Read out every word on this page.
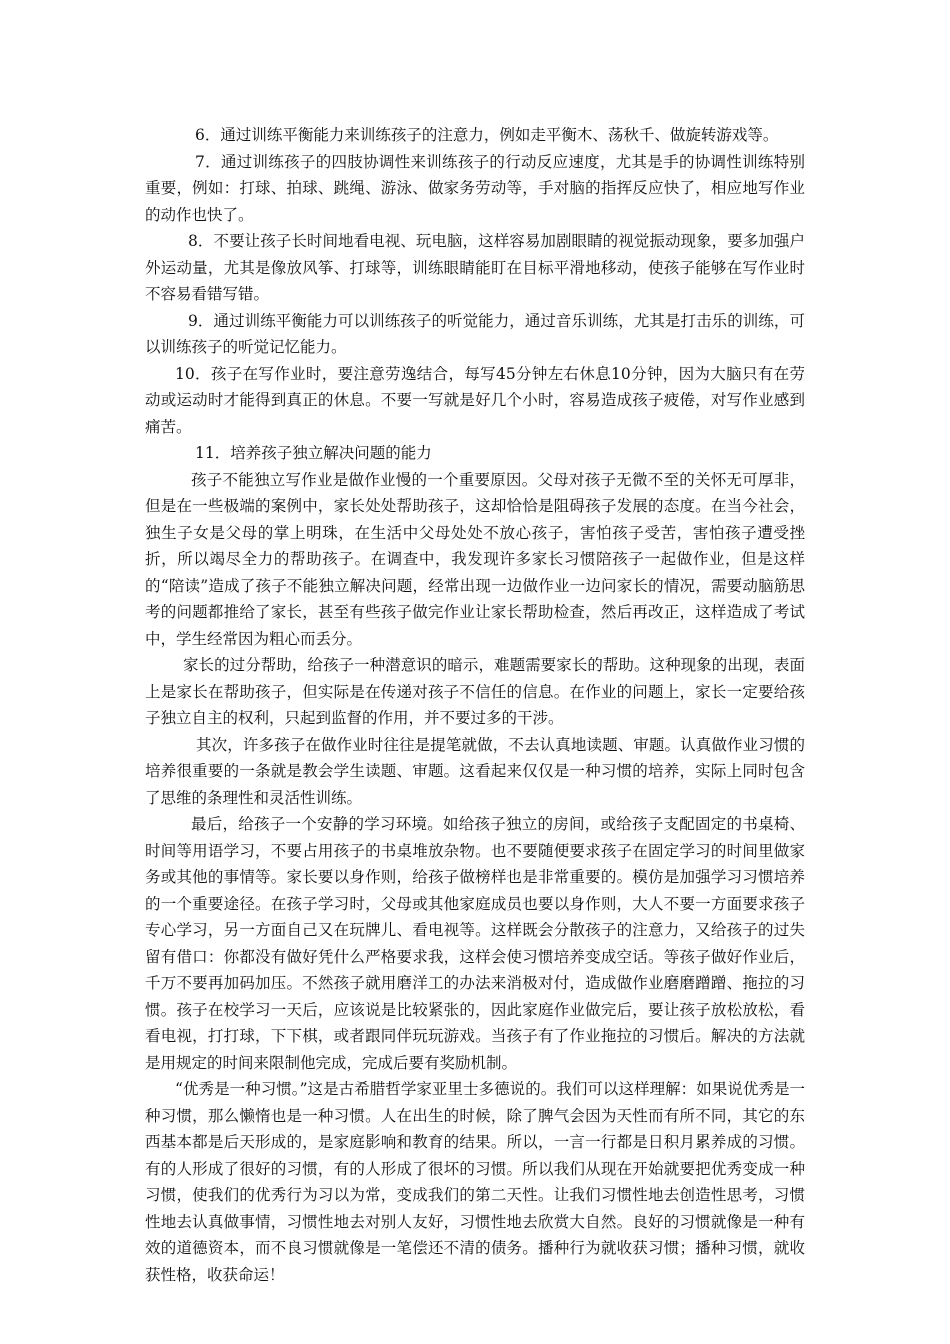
6．通过训练平衡能力来训练孩子的注意力，例如走平衡木、荡秋千、做旋转游戏等。

7．通过训练孩子的四肢协调性来训练孩子的行动反应速度，尤其是手的协调性训练特别重要，例如：打球、拍球、跳绳、游泳、做家务劳动等，手对脑的指挥反应快了，相应地写作业的动作也快了。

8．不要让孩子长时间地看电视、玩电脑，这样容易加剧眼睛的视觉振动现象，要多加强户外运动量，尤其是像放风筝、打球等，训练眼睛能盯在目标平滑地移动，使孩子能够在写作业时不容易看错写错。

9．通过训练平衡能力可以训练孩子的听觉能力，通过音乐训练，尤其是打击乐的训练，可以训练孩子的听觉记忆能力。

10．孩子在写作业时，要注意劳逸结合，每写45分钟左右休息10分钟，因为大脑只有在劳动或运动时才能得到真正的休息。不要一写就是好几个小时，容易造成孩子疲倦，对写作业感到痛苦。

11．培养孩子独立解决问题的能力

孩子不能独立写作业是做作业慢的一个重要原因。父母对孩子无微不至的关怀无可厚非，但是在一些极端的案例中，家长处处帮助孩子，这却恰恰是阻碍孩子发展的态度。在当今社会，独生子女是父母的掌上明珠，在生活中父母处处不放心孩子，害怕孩子受苦，害怕孩子遭受挫折，所以竭尽全力的帮助孩子。在调查中，我发现许多家长习惯陪孩子一起做作业，但是这样的“陪读”造成了孩子不能独立解决问题，经常出现一边做作业一边问家长的情况，需要动脑筋思考的问题都推给了家长，甚至有些孩子做完作业让家长帮助检查，然后再改正，这样造成了考试中，学生经常因为粗心而丢分。

家长的过分帮助，给孩子一种潜意识的暗示，难题需要家长的帮助。这种现象的出现，表面上是家长在帮助孩子，但实际是在传递对孩子不信任的信息。在作业的问题上，家长一定要给孩子独立自主的权利，只起到监督的作用，并不要过多的干涉。

其次，许多孩子在做作业时往往是提笔就做，不去认真地读题、审题。认真做作业习惯的培养很重要的一条就是教会学生读题、审题。这看起来仅仅是一种习惯的培养，实际上同时包含了思维的条理性和灵活性训练。

最后，给孩子一个安静的学习环境。如给孩子独立的房间，或给孩子支配固定的书桌椅、时间等用语学习，不要占用孩子的书桌堆放杂物。也不要随便要求孩子在固定学习的时间里做家务或其他的事情等。家长要以身作则，给孩子做榜样也是非常重要的。模仿是加强学习习惯培养的一个重要途径。在孩子学习时，父母或其他家庭成员也要以身作则，大人不要一方面要求孩子专心学习，另一方面自己又在玩牌儿、看电视等。这样既会分散孩子的注意力，又给孩子的过失留有借口：你都没有做好凭什么严格要求我，这样会使习惯培养变成空话。等孩子做好作业后，千万不要再加码加压。不然孩子就用磨洋工的办法来消极对付，造成做作业磨磨蹭蹭、拖拉的习惯。孩子在校学习一天后，应该说是比较紧张的，因此家庭作业做完后，要让孩子放松放松，看看电视，打打球，下下棋，或者跟同伴玩玩游戏。当孩子有了作业拖拉的习惯后。解决的方法就是用规定的时间来限制他完成，完成后要有奖励机制。

“优秀是一种习惯。”这是古希腊哲学家亚里士多德说的。我们可以这样理解：如果说优秀是一种习惯，那么懒惰也是一种习惯。人在出生的时候，除了脾气会因为天性而有所不同，其它的东西基本都是后天形成的，是家庭影响和教育的结果。所以，一言一行都是日积月累养成的习惯。有的人形成了很好的习惯，有的人形成了很坏的习惯。所以我们从现在开始就要把优秀变成一种习惯，使我们的优秀行为习以为常，变成我们的第二天性。让我们习惯性地去创造性思考，习惯性地去认真做事情，习惯性地去对别人友好，习惯性地去欣赏大自然。良好的习惯就像是一种有效的道德资本，而不良习惯就像是一笔偿还不清的债务。播种行为就收获习惯；播种习惯，就收获性格，收获命运！
